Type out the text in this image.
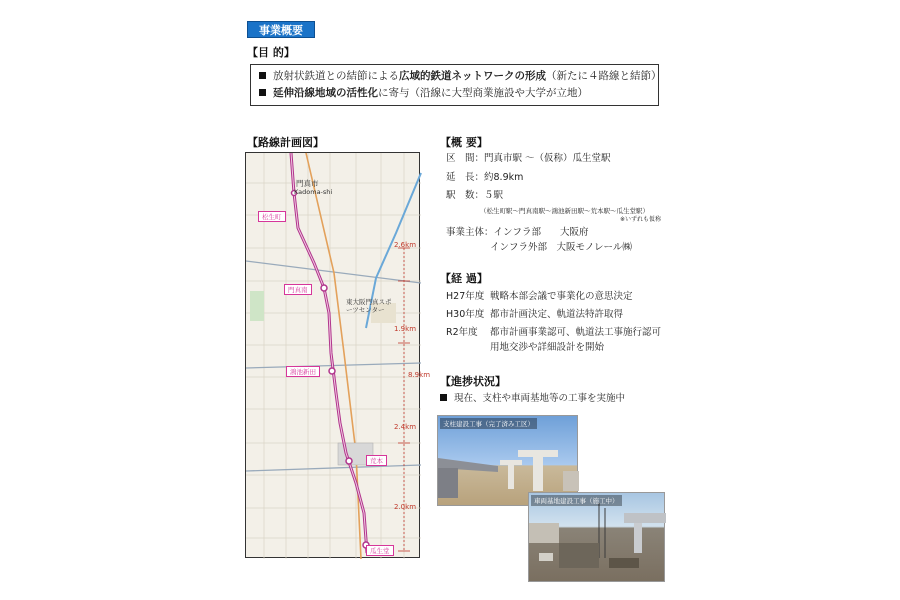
事業概要
【目 的】
放射状鉄道との結節による広域的鉄道ネットワークの形成（新たに４路線と結節）
延伸沿線地域の活性化に寄与（沿線に大型商業施設や大学が立地）
【路線計画図】
門真市
Kadoma-shi
松生町
門真南
鴻池新田
荒本
瓜生堂
東大阪門真スポーツセンター
2.6km
1.9km
8.9km
2.4km
2.0km
【概 要】
区　間：門真市駅 ～（仮称）瓜生堂駅
延　長：約8.9km
駅　数：５駅
（松生町駅～門真南駅～鴻池新田駅～荒本駅～瓜生堂駅）
※いずれも仮称
事業主体：インフラ部　　大阪府
インフラ外部　大阪モノレール㈱
【経 過】
H27年度 戦略本部会議で事業化の意思決定
H30年度 都市計画決定、軌道法特許取得
R2年度 都市計画事業認可、軌道法工事施行認可
用地交渉や詳細設計を開始
【進捗状況】
現在、支柱や車両基地等の工事を実施中
支柱建設工事（完了済み工区）
車両基地建設工事（施工中）
